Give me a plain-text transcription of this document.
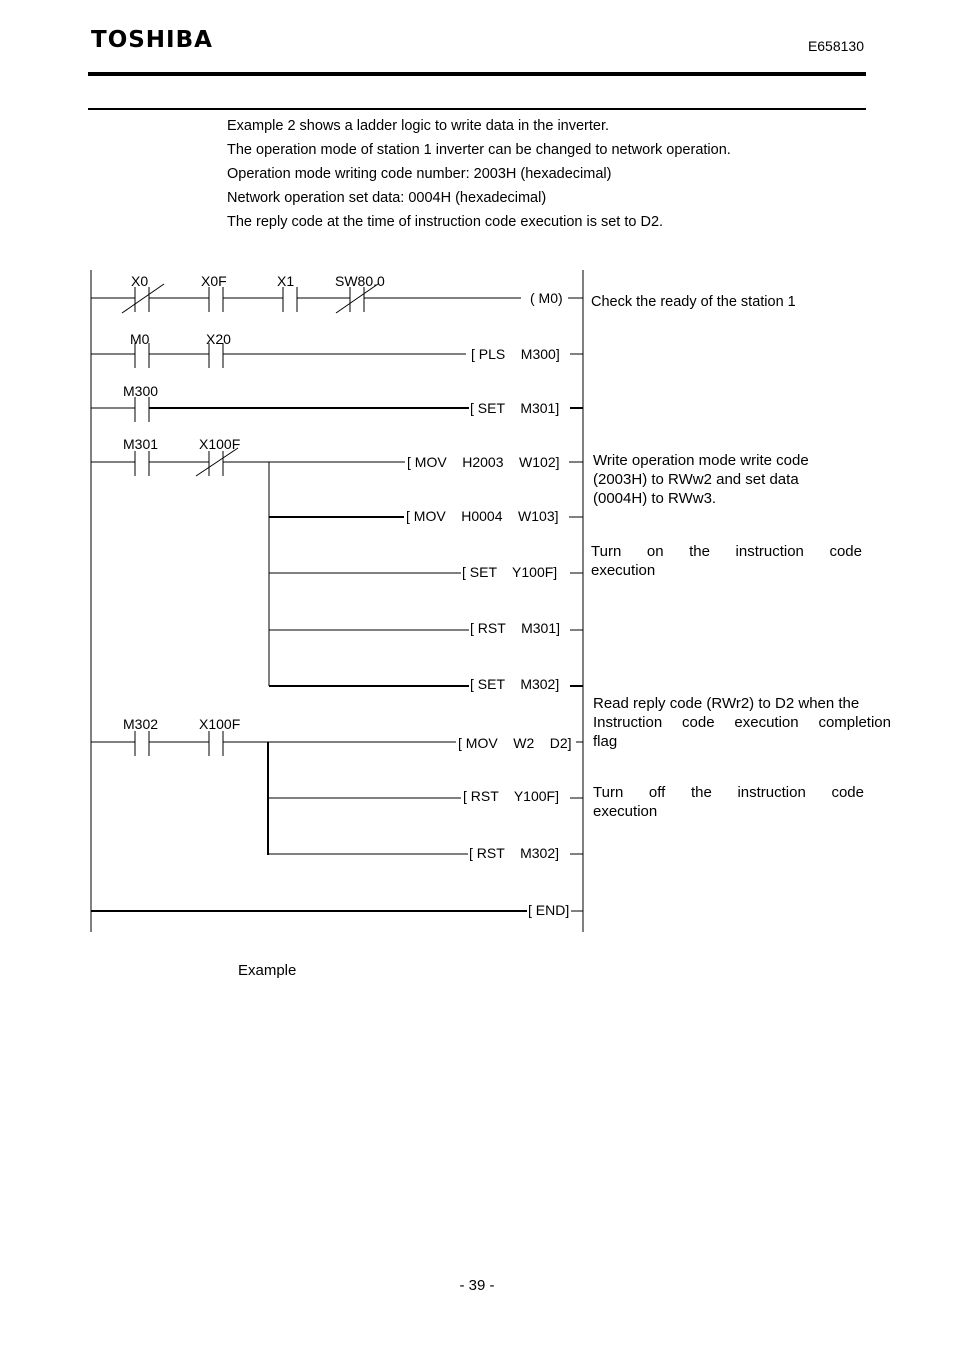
TOSHIBA	E658130
Example 2 shows a ladder logic to write data in the inverter.
The operation mode of station 1 inverter can be changed to network operation.
Operation mode writing code number: 2003H (hexadecimal)
Network operation set data: 0004H (hexadecimal)
The reply code at the time of instruction code execution is set to D2.
X0	X0F	X1	SW80.0
M0	X20
M300
M301	X100F
M302	X100F
( M0)
[ PLS    M300]
[ SET    M301]
[ MOV    H2003    W102]
[ MOV    H0004    W103]
[ SET    Y100F]
[ RST    M301]
[ SET    M302]
[ MOV    W2    D2]
[ RST    Y100F]
[ RST    M302]
[ END]

Check the ready of the station 1

Write operation mode write code

(2003H) to RWw2 and set data

(0004H) to RWw3.

Turn on the instruction code

execution

Read reply code (RWr2) to D2 when the

Instruction code execution completion

flag

Turn off the instruction code

execution

Example
- 39 -
